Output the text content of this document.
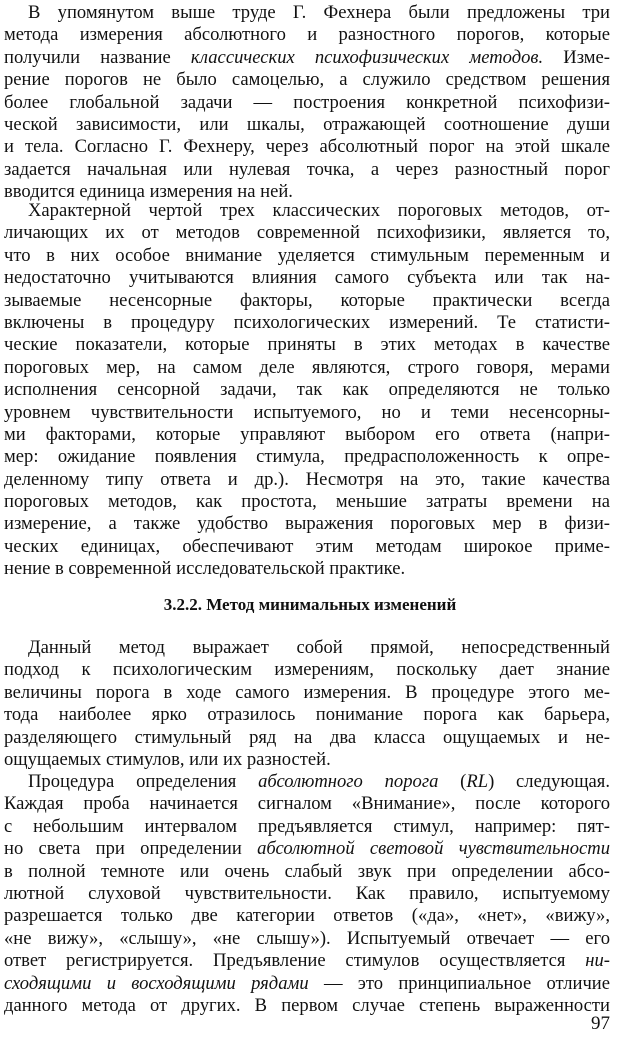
В упомянутом выше труде Г. Фехнера были предложены три
метода измерения абсолютного и разностного порогов, которые
получили название классических психофизических методов. Изме-
рение порогов не было самоцелью, а служило средством решения
более глобальной задачи — построения конкретной психофизи-
ческой зависимости, или шкалы, отражающей соотношение души
и тела. Согласно Г. Фехнеру, через абсолютный порог на этой шкале
задается начальная или нулевая точка, а через разностный порог
вводится единица измерения на ней.
Характерной чертой трех классических пороговых методов, от-
личающих их от методов современной психофизики, является то,
что в них особое внимание уделяется стимульным переменным и
недостаточно учитываются влияния самого субъекта или так на-
зываемые несенсорные факторы, которые практически всегда
включены в процедуру психологических измерений. Те статисти-
ческие показатели, которые приняты в этих методах в качестве
пороговых мер, на самом деле являются, строго говоря, мерами
исполнения сенсорной задачи, так как определяются не только
уровнем чувствительности испытуемого, но и теми несенсорны-
ми факторами, которые управляют выбором его ответа (напри-
мер: ожидание появления стимула, предрасположенность к опре-
деленному типу ответа и др.). Несмотря на это, такие качества
пороговых методов, как простота, меньшие затраты времени на
измерение, а также удобство выражения пороговых мер в физи-
ческих единицах, обеспечивают этим методам широкое приме-
нение в современной исследовательской практике.
3.2.2. Метод минимальных изменений
Данный метод выражает собой прямой, непосредственный
подход к психологическим измерениям, поскольку дает знание
величины порога в ходе самого измерения. В процедуре этого ме-
тода наиболее ярко отразилось понимание порога как барьера,
разделяющего стимульный ряд на два класса ощущаемых и не-
ощущаемых стимулов, или их разностей.
Процедура определения абсолютного порога (RL) следующая.
Каждая проба начинается сигналом «Внимание», после которого
с небольшим интервалом предъявляется стимул, например: пят-
но света при определении абсолютной световой чувствительности
в полной темноте или очень слабый звук при определении абсо-
лютной слуховой чувствительности. Как правило, испытуемому
разрешается только две категории ответов («да», «нет», «вижу»,
«не вижу», «слышу», «не слышу»). Испытуемый отвечает — его
ответ регистрируется. Предъявление стимулов осуществляется ни-
сходящими и восходящими рядами — это принципиальное отличие
данного метода от других. В первом случае степень выраженности
97
